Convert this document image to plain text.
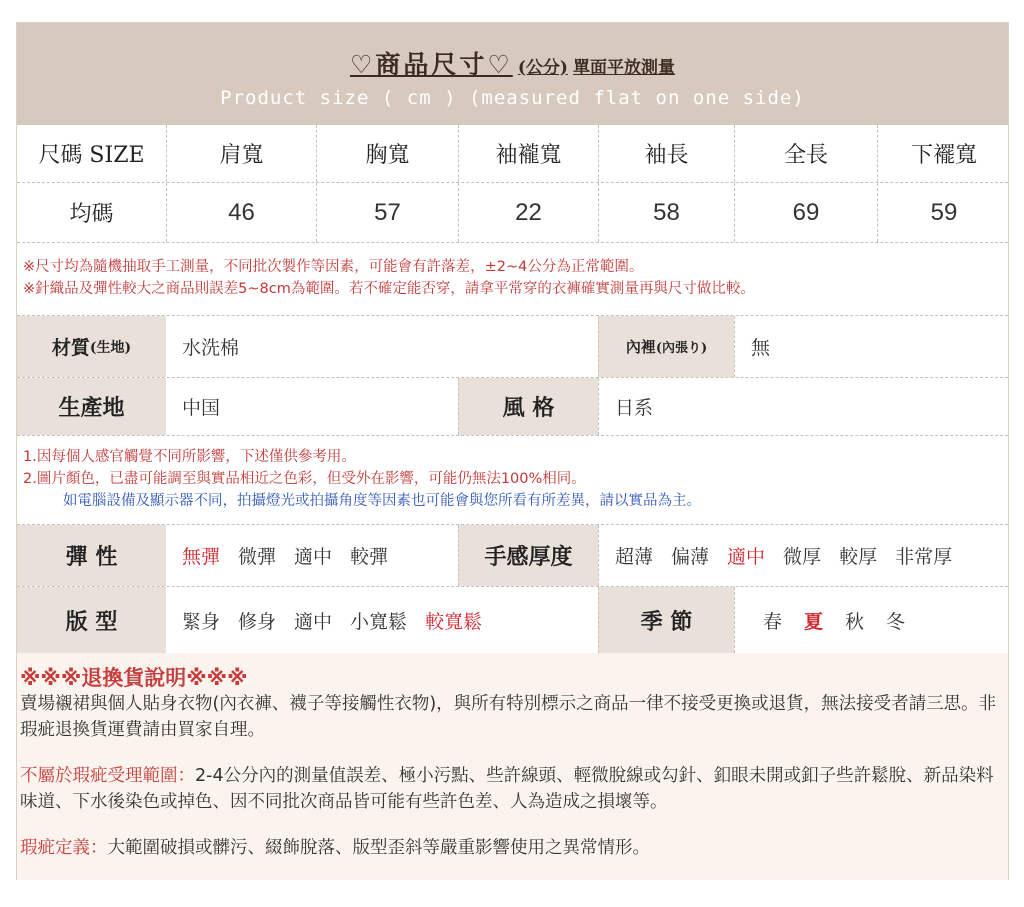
♡商品尺寸♡ (公分) 單面平放測量
Product size ( cm ) (measured flat on one side)
尺碼 SIZE	肩寬	胸寬	袖襱寬	袖長	全長	下襬寬
均碼	46	57	22	58	69	59
※尺寸均為隨機抽取手工測量，不同批次製作等因素，可能會有許落差，±2~4公分為正常範圍。
※針織品及彈性較大之商品則誤差5~8cm為範圍。若不確定能否穿，請拿平常穿的衣褲確實測量再與尺寸做比較。
材質 (生地)	水洗棉	內裡 (內張り)	無
生產地	中国	風 格	日系
1.因每個人感官觸覺不同所影響，下述僅供參考用。
2.圖片顏色，已盡可能調至與實品相近之色彩，但受外在影響，可能仍無法100%相同。
如電腦設備及顯示器不同，拍攝燈光或拍攝角度等因素也可能會與您所看有所差異，請以實品為主。
彈 性	無彈 微彈 適中 較彈	手感厚度	超薄 偏薄 適中 微厚 較厚 非常厚
版 型	緊身 修身 適中 小寬鬆 較寬鬆	季 節	春 夏 秋 冬
※※※退換貨說明※※※

賣場襯裙與個人貼身衣物(內衣褲、襪子等接觸性衣物)，與所有特別標示之商品一律不接受更換或退貨，無法接受者請三思。非瑕疵退換貨運費請由買家自理。

不屬於瑕疵受理範圍：2-4公分內的測量值誤差、極小污點、些許線頭、輕微脫線或勾針、釦眼未開或釦子些許鬆脫、新品染料味道、下水後染色或掉色、因不同批次商品皆可能有些許色差、人為造成之損壞等。

瑕疵定義：大範圍破損或髒污、綴飾脫落、版型歪斜等嚴重影響使用之異常情形。
